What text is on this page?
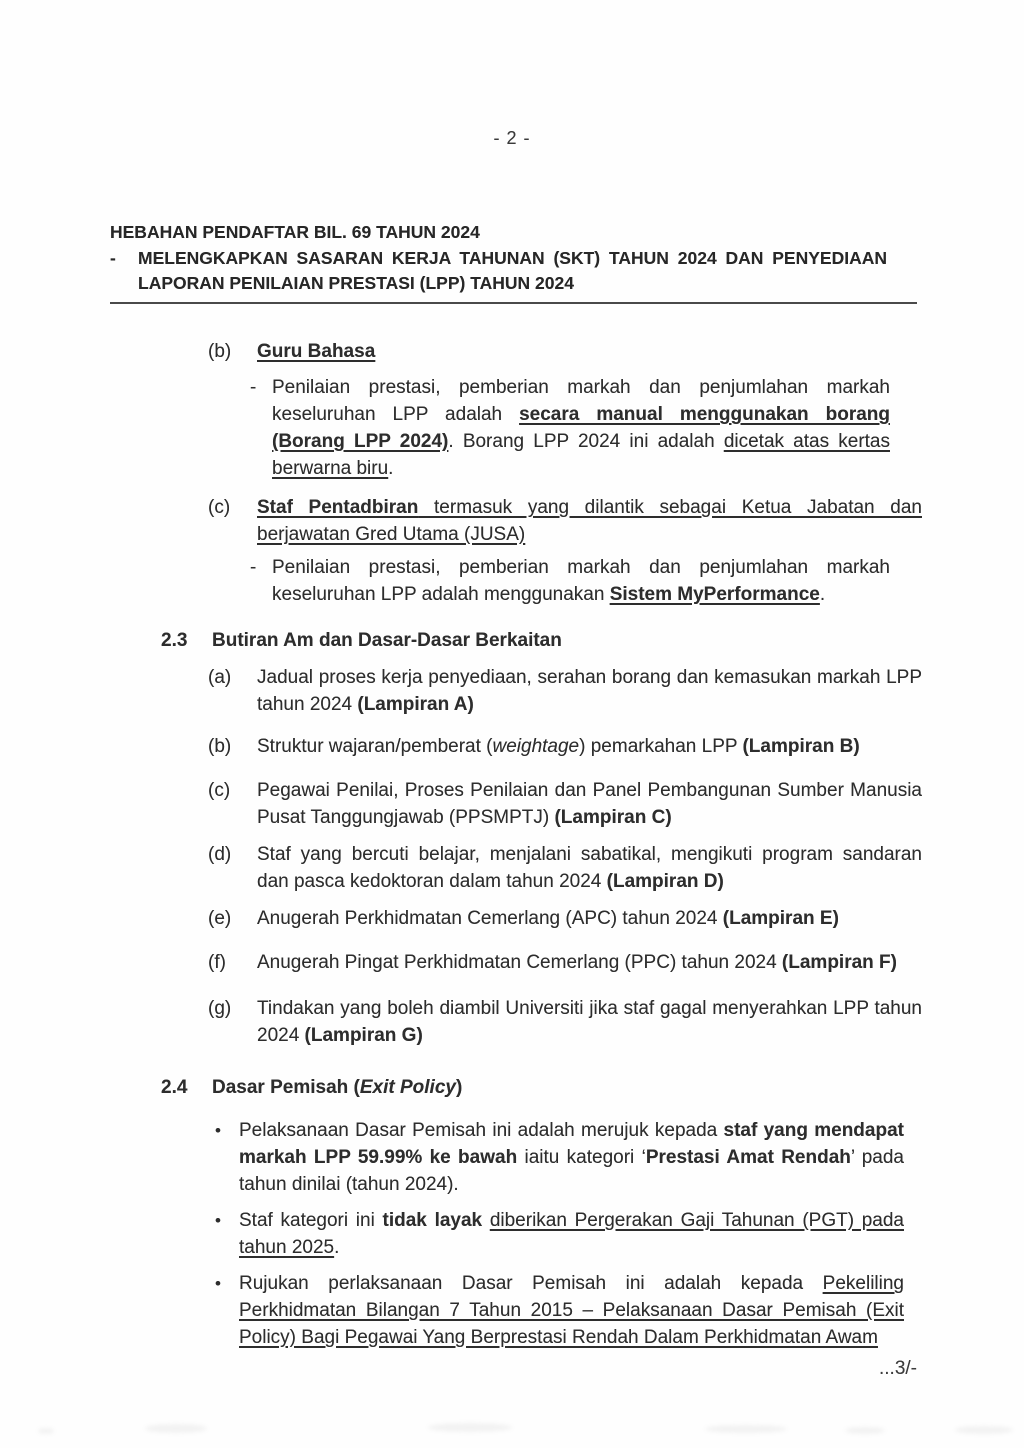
- 2 -
HEBAHAN PENDAFTAR BIL. 69 TAHUN 2024
-	MELENGKAPKAN SASARAN KERJA TAHUNAN (SKT) TAHUN 2024 DAN PENYEDIAAN LAPORAN PENILAIAN PRESTASI (LPP) TAHUN 2024
(b)	Guru Bahasa
- Penilaian prestasi, pemberian markah dan penjumlahan markah keseluruhan LPP adalah secara manual menggunakan borang (Borang LPP 2024). Borang LPP 2024 ini adalah dicetak atas kertas berwarna biru.
(c)	Staf Pentadbiran termasuk yang dilantik sebagai Ketua Jabatan dan berjawatan Gred Utama (JUSA)
- Penilaian prestasi, pemberian markah dan penjumlahan markah keseluruhan LPP adalah menggunakan Sistem MyPerformance.
2.3	Butiran Am dan Dasar-Dasar Berkaitan
(a)	Jadual proses kerja penyediaan, serahan borang dan kemasukan markah LPP tahun 2024 (Lampiran A)
(b)	Struktur wajaran/pemberat (weightage) pemarkahan LPP (Lampiran B)
(c)	Pegawai Penilai, Proses Penilaian dan Panel Pembangunan Sumber Manusia Pusat Tanggungjawab (PPSMPTJ) (Lampiran C)
(d)	Staf yang bercuti belajar, menjalani sabatikal, mengikuti program sandaran dan pasca kedoktoran dalam tahun 2024 (Lampiran D)
(e)	Anugerah Perkhidmatan Cemerlang (APC) tahun 2024 (Lampiran E)
(f)	Anugerah Pingat Perkhidmatan Cemerlang (PPC) tahun 2024 (Lampiran F)
(g)	Tindakan yang boleh diambil Universiti jika staf gagal menyerahkan LPP tahun 2024 (Lampiran G)
2.4	Dasar Pemisah (Exit Policy)
• Pelaksanaan Dasar Pemisah ini adalah merujuk kepada staf yang mendapat markah LPP 59.99% ke bawah iaitu kategori ‘Prestasi Amat Rendah’ pada tahun dinilai (tahun 2024).
• Staf kategori ini tidak layak diberikan Pergerakan Gaji Tahunan (PGT) pada tahun 2025.
• Rujukan perlaksanaan Dasar Pemisah ini adalah kepada Pekeliling Perkhidmatan Bilangan 7 Tahun 2015 – Pelaksanaan Dasar Pemisah (Exit Policy) Bagi Pegawai Yang Berprestasi Rendah Dalam Perkhidmatan Awam
...3/-
